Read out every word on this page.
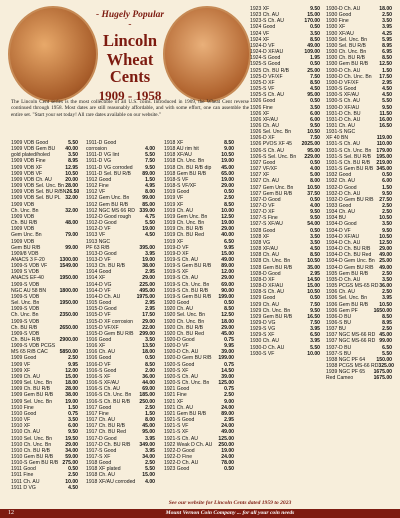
- Hugely Popular -
Lincoln
Wheat Cents
1909 - 1958
The Lincoln Cent series is the most collectible of all U.S. coins. Introduced in 1909, the Wheat Cent reverse continued through 1958. Most dates are still reasonably affordable, and with some effort, one can assemble the entire set. "Start your set today! All rare dates available on our website."
1909 VDB Good	5.50
1909 VDB Gem BU 40.00
gold plated/holed	3.50
1909 VDB Fine	8.95
1909 VDB XF	12.95
1909 VDB VF	10.50
1909 VDB Ch. AU	20.00
1909 VDB Sel. Unc. Bn 28.00
1909 VDB Sel. BU R/BN 26.50
1909 VDB Sel. BU PL 32.00
1909 VDB
Ch. Unc. Bn	32.00
1909 VDB
Ch. BU R/B	48.00
1909 VDB
Gem Unc. Bn	79.00
1909 VDB
Gem BU R/B	99.00
1909/8 VDB
ANACS 3 F-20	1300.00
1909-S VDB VF 1549.00
1909 S VDB
ANACS EF-40	1950.00
1909-S VDB
NGC AU 58 BN	1800.00
1909-S VDB
Sel. Unc. Bn	1950.00
1909-S VDB
Ch. Unc. Bn	2350.00
1909-S VDB
Ch. BU R/B	2650.00
1909-S VDB
Ch. BU+ R/B	2900.00
1909-S VDB PCGS
MS 65 R/B CAC 5850.00
1909 Good	2.50
1909 VF	9.95
1909 XF	12.00
1909 Ch. AU	15.00
1909 Sel. Unc. Bn	18.00
1909 Ch. BU R/B	28.00
1909 Gem BU R/B 38.00
1909 Sel. Unc. Bn	19.00
1910 Fine	1.50
1910 Good	0.75
1910 VF	3.50
1910 XF	6.00
1910 Ch. AU	9.50
1910 Sel. Unc. Bn	19.50
1910 Ch. Unc. Bn	29.00
1910 Ch. BU R/B	34.00
1910 Gem BU R/B 59.00
1910-S Gem BU R/B 275.00
1911 Good	0.50
1911 Fine	2.50
1911 Ch. AU	10.00
1911 D VG	4.50
1911-D Good
corrosion	4.00
1911-D VG lint	5.50
1911-D VG	7.50
1911-D VG corroded 9.50
1911-D Sel. BU R/B 89.00
1912 Good	1.50
1912 Fine	4.95
1912 VF	8.00
1912 Gem Unc. Bn	99.00
1912 Gem BU R/B	85.00
1912 NGC MS 66 RD 339.00
1912-D Good rough	4.75
1912-D Good	5.50
1912-D VF	19.00
1913 VF	4.50
1913 NGC
PF 63 R/B	395.00
1913-D Good	3.95
1913-D VF	19.00
1913 Ch. BU R/B	38.00
1914 Good	2.95
1914 XF	29.00
1914-D VG	225.00
1914-D VF	495.00
1914-D Ch. AU	1975.00
1915 Good	2.95
1915-D Good	2.95
1915-D VF	17.50
1915-D XF corrosion 29.00
1915-D VF/XF	22.00
1915-D Gem BU R/B 299.00
1916 Good	3.50
1916 XF	13.50
1916 Ch. AU	18.00
1916 Good	0.50
1916-D VF	8.50
1916-S Good	2.00
1916-S XF	36.00
1916-S XF/AU	44.00
1916-S Ch. AU	69.00
1916-S Ch. Unc. Bn 185.00
1916-S Ch. BU R/B 250.00
1917 Good	2.50
1917 Fine	1.50
1917 Ch. AU	8.00
1917 Ch. BU R/B	45.00
1917 Ch. BU Red	95.00
1917-D Good	3.95
1917-D Ch. BU R/B 349.00
1917-S Good	3.95
1917-S XF	34.00
1918 Good	2.50
1918 XF plated	5.50
1918 Ch. AU	15.00
1918 XF/AU corroded 4.00
1918 XF	8.50
1918 AU rim hit	9.00
1918 XF/AU	10.50
1918 Ch. Unc. Bn	19.00
1918 Ch. BU R/B dip 45.00
1918 Gem BU R/B	65.00
1918-S VF	19.00
1918-S VF/XF	29.00
1919 Good	0.50
1919 VF	2.50
1919 XF	8.50
1919 Ch. AU	10.00
1919 Gem Unc. Bn	12.50
1919 Ch. Unc. Bn	19.00
1919 Ch. BU R/B	29.00
1919 Ch. BU Red	40.00
1919 XF	6.50
1919-D VF	9.95
1919-D XF	15.00
1919-S Ch. AU	49.00
1919-S Gem BU R/B 89.00
1919-S XF	12.00
1919-S Ch. AU	29.00
1919-S Ch. Unc. Bn 69.00
1919-S Ch. BU R/B	90.00
1919-S Gem BU R/B 199.00
1920 Good	0.50
1920 Ch. AU	8.50
1920 Sel. Unc. Bn	12.50
1920 Ch. Unc. Bn	18.00
1920 Ch. BU R/B	29.00
1920 Ch. BU Red	45.00
1920-D Good	0.75
1920-D VF	9.95
1920-D Ch. AU	39.00
1920-D Gem BU R/B 199.00
1920-S Good	0.75
1920-S XF	14.50
1920-S Ch. AU	39.00
1920-S Ch. Unc. Bn 125.00
1921 Good	0.75
1921 Fine	2.50
1921 XF	9.00
1921 Ch. AU	24.00
1921 Gem BU R/B	89.00
1921-S Good	2.95
1921-S VF	24.00
1921-S XF	49.00
1921-S Ch. AU	125.00
1922 Weak D Ch. AU 250.00
1922-D Good	19.00
1922-D Fine	24.00
1922-D Ch. AU	78.00
1923 Good	0.50
1923 XF	9.50
1923 Ch. AU	15.00
1923-S Ch. AU	170.00
1924 Good	0.50
1924 VF	3.50
1924 XF	8.50
1924-D VF	49.00
1924-D XF/AU	109.00
1924-S Good	1.95
1925-S Good	0.50
1925 Ch. BU R/B	25.00
1925-D VF/XF	7.50
1925-D XF	8.50
1925-S VF	4.50
1925-S Ch. AU	95.00
1926 Good	0.50
1926 Fine	3.50
1926 XF	6.00
1926 XF/AU	6.00
1926 Ch. AU	9.50
1926 Sel. Unc. Bn	10.50
1926-D XF	7.50
1926 PVOS XF 45 2025.00
1926-S Ch. AU	95.00
1926-S Sel. Unc. Bn 229.00
1927 Good	0.50
1927 VF/XF	4.00
1927 XF	5.00
1927 Ch. AU	8.00
1927 Gem Unc. Bn	10.50
1927 Gem BU R/B	37.50
1927-D Good	0.50
1927-D VF	4.00
1927-D XF	9.50
1927-S Fine	9.50
1927-S XF/AU	54.00
1928 Good	0.50
1928 XF	3.50
1928 VG	3.50
1928 XF/AU	4.50
1928 Ch. AU	8.50
1928 Ch. Unc. Bn	10.50
1928 Gem BU R/B	35.00
1928-D Good	2.95
1928-D XF	14.50
1928-D XF/AU	15.00
1928-S Ch. AU	10.50
1929 Good	0.50
1929 Ch. AU	7.50
1929 Ch. Unc. Bn	9.50
1929 Gem BU R/B	16.50
1929-D VG	7.50
1929-S VG	3.95
1929-S XF	6.50
1930 Ch. AU	3.95
1930-D Ch. AU	5.50
1930-S VF	10.00
1930-D Ch. AU	18.00
1930 Good	2.50
1930 Fine	3.50
1930 XF	3.95
1930 XF/AU	4.25
1930 Sel. Unc. Bn	5.95
1930 Sel. BU R/B	8.95
1930 Ch. Unc. Bn	6.95
1930 Ch. BU R/B	8.50
1930 Gem BU R/B 12.50
1930-D Ch. AU	1.50
1930-D Ch. Unc. Bn 17.50
1930-D VF/XF	2.95
1930-S Good	4.50
1930-S XF/AU	4.50
1930-S Ch. AU	5.50
1930-D XF/AU	9.50
1931-D Ch. BU	11.50
1931-D Ch. AU	16.00
1931 Ch. AU	16.50
1931-S NGC
XF 40 BN	119.00
1931-S Ch. AU	110.00
1931-S Ch. Unc. Bn 179.00
1931-S Sel. BU R/B 195.00
1931-S Ch. BU R/B 219.00
1931-S Gem BU R/B 345.00
1932 Good	0.50
1932 Ch. AU	6.00
1932-D Good	1.50
1932-D Ch. AU	9.50
1932-D Gem BU R/B 27.50
1933 Good	2.50
1934 Ch. AU	2.50
1934 BU	10.50
1934-D Good	3.50
1934-D VF	9.50
1934-D XF/AU	10.50
1934-D Ch. AU	12.50
1934-D Ch. BU R/B 29.00
1934-D Ch. BU Red 49.00
1934-D Gem Unc. Bn 25.00
1934-D Gem BU R/B 49.00
1935 Gem BU R/B	2.50
1935-D Ch. AU	3.50
1935 PCGS MS-65 RD 36.00
1936 Ch. AU	2.50
1936 Sel. Unc. Bn	3.95
1936 Gem BU R/B 10.50
1936 Gem PF	1650.00
1936-D BU	8.50
1936-S BU	8.95
1937 BU	2.50
1937 NGC MS-66 RD 45.00
1937 NGC MS-66 RD 99.00
1937-D BU	6.50
1937-S BU	5.50
1938 NGC PF 64 150.00
1938 PCGS MS-66 RD 325.00
1939 NGC PF 65 1675.00
Red Cameo	1675.00
See our website for Lincoln Cents dated 1959 to 2023
12	Mount Vernon Coin Company ... for all your coin needs
